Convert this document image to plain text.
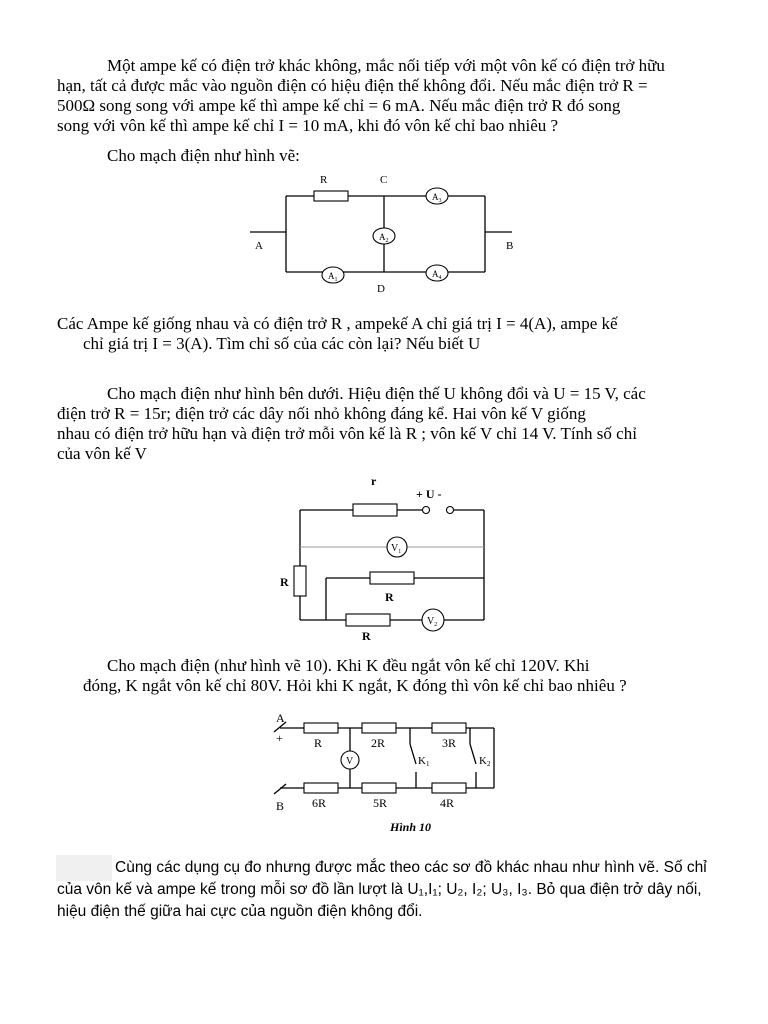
Một ampe kế có điện trở khác không, mắc nối tiếp với một vôn kế có điện trở hữu
hạn, tất cả được mắc vào nguồn điện có hiệu điện thế không đổi. Nếu mắc điện trở R =
500Ω song song với ampe kế thì ampe kế chỉ = 6 mA. Nếu mắc điện trở R đó song
song với vôn kế thì ampe kế chỉ I = 10 mA, khi đó vôn kế chỉ bao nhiêu ?

Cho mạch điện như hình vẽ:

R	C
D
A	B
$A_3$
$A_2$
$A_1$
$A_4$

Các Ampe kế giống nhau và có điện trở R , ampekế A chỉ giá trị I = 4(A), ampe kế
chỉ giá trị I = 3(A). Tìm chỉ số của các còn lại? Nếu biết U

Cho mạch điện như hình bên dưới. Hiệu điện thế U không đổi và U = 15 V, các
điện trở R = 15r; điện trở các dây nối nhỏ không đáng kể. Hai vôn kế V giống
nhau có điện trở hữu hạn và điện trở mỗi vôn kế là R ; vôn kế V chỉ 14 V. Tính số chỉ
của vôn kế V

r
+ U -
R
R
R
$V_1$
$V_2$

Cho mạch điện (như hình vẽ 10). Khi K đều ngắt vôn kế chỉ 120V. Khi
đóng, K ngắt vôn kế chỉ 80V. Hỏi khi K ngắt, K đóng thì vôn kế chỉ bao nhiêu ?

A
+
B
R	2R	3R
6R	5R	4R
V	K1	K2
Hình 10

Cùng các dụng cụ đo nhưng được mắc theo các sơ đồ khác nhau như hình vẽ. Số chỉ
của vôn kế và ampe kế trong mỗi sơ đồ lần lượt là U₁,I₁; U₂, I₂; U₃, I₃. Bỏ qua điện trở dây nối,
hiệu điện thế giữa hai cực của nguồn điện không đổi.
